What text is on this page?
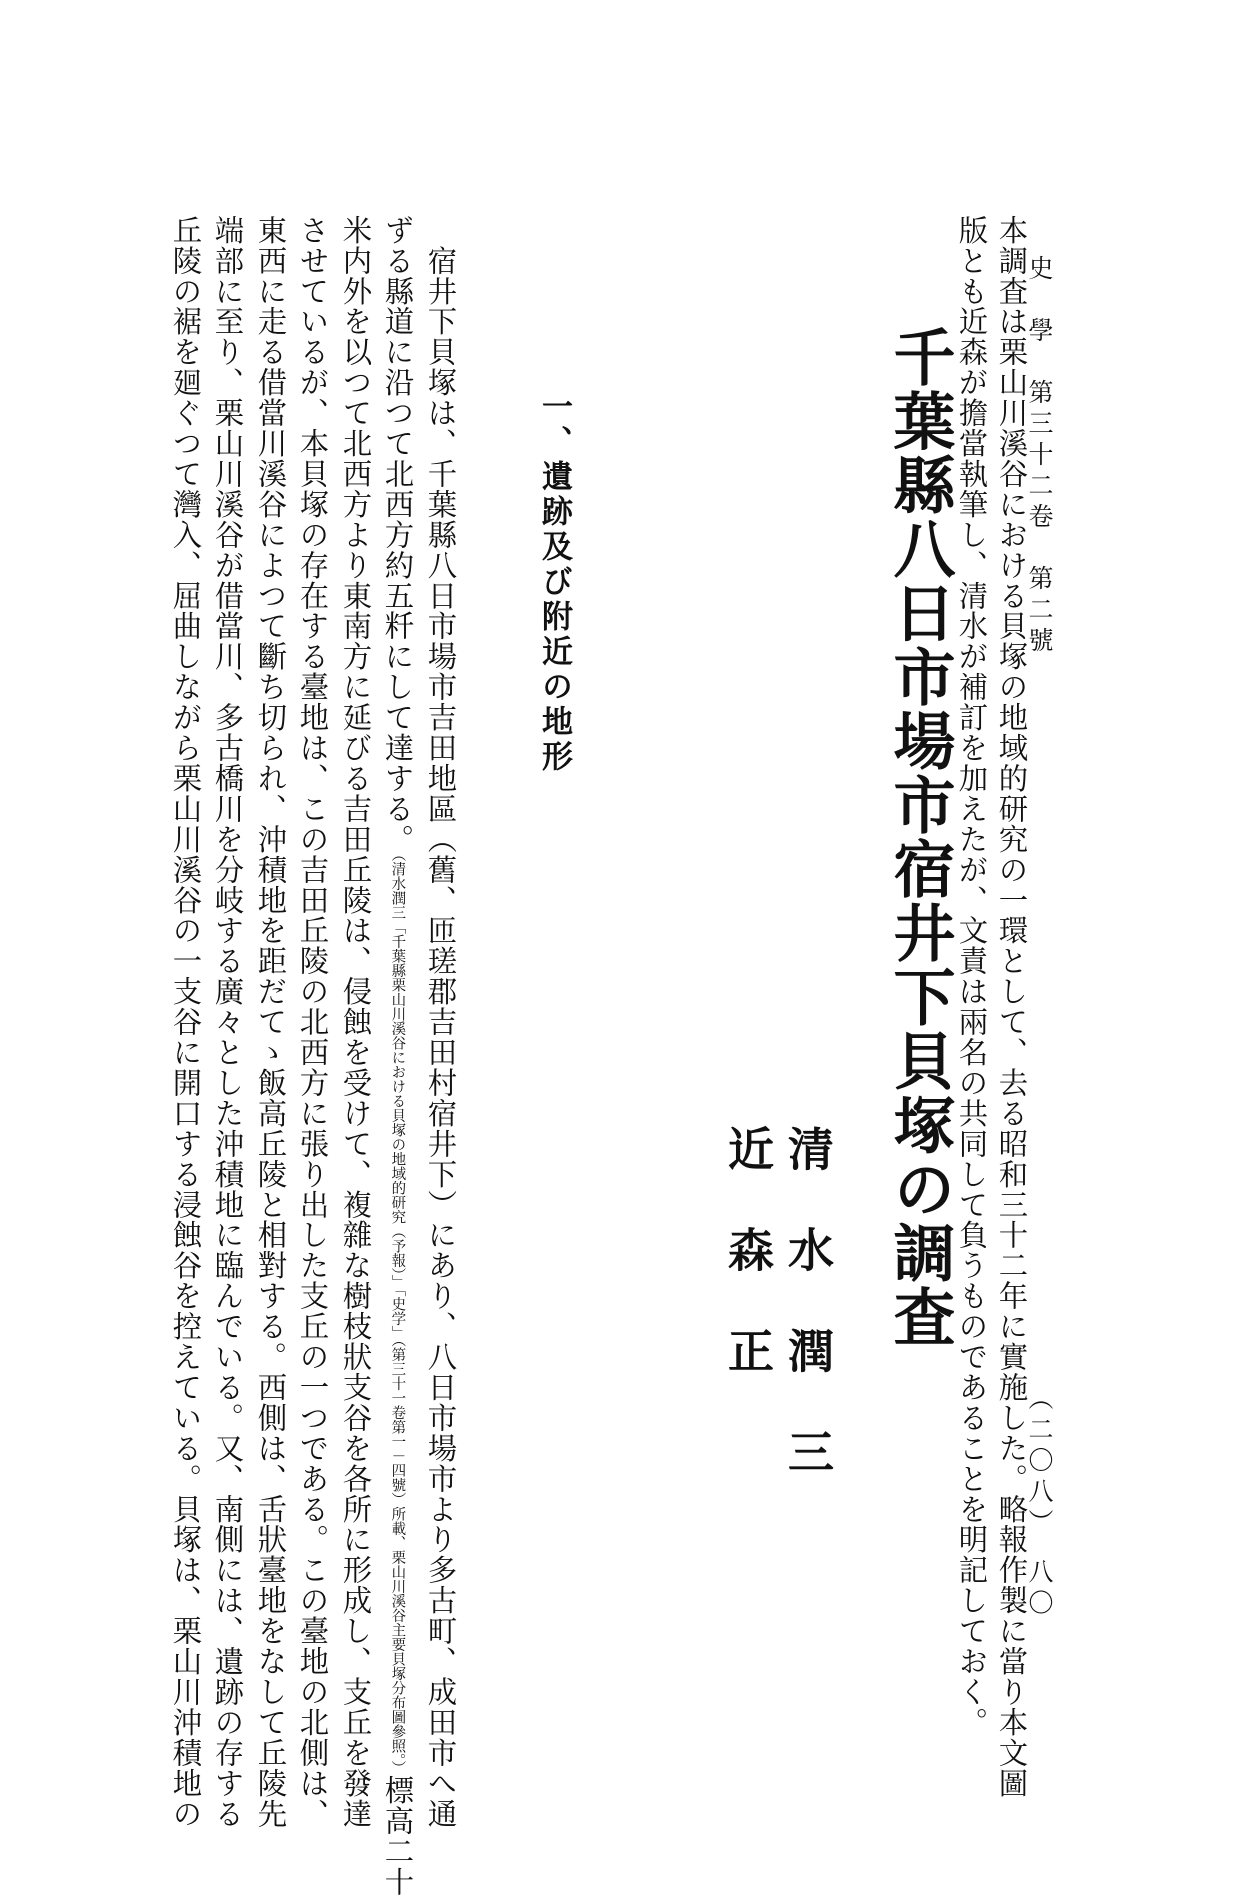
史　學　第三十二卷　第二號
（二〇八）　八〇
千葉縣八日市場市宿井下貝塚の調査
清水潤三
近森正	本調査は栗山川溪谷における貝塚の地域的研究の一環として、去る昭和三十二年に實施した。略報作製に當り本文圖
版とも近森が擔當執筆し、清水が補訂を加えたが、文責は兩名の共同して負うものであることを明記しておく。
一、遺跡及び附近の地形
　宿井下貝塚は、千葉縣八日市場市吉田地區（舊、匝瑳郡吉田村宿井下）にあり、八日市場市より多古町、成田市へ通
ずる縣道に沿つて北西方約五粁にして達する。（清水潤三「千葉縣栗山川溪谷における貝塚の地域的研究（予報）」「史学」（第三十一卷第一－四號）所載、栗山川溪谷主要貝塚分布圖參照。）標高二十
米内外を以つて北西方より東南方に延びる吉田丘陵は、侵蝕を受けて、複雜な樹枝狀支谷を各所に形成し、支丘を發達
させているが、本貝塚の存在する臺地は、この吉田丘陵の北西方に張り出した支丘の一つである。この臺地の北側は、
東西に走る借當川溪谷によつて斷ち切られ、沖積地を距だてゝ飯高丘陵と相對する。西側は、舌狀臺地をなして丘陵先
端部に至り、栗山川溪谷が借當川、多古橋川を分岐する廣々とした沖積地に臨んでいる。又、南側には、遺跡の存する
丘陵の裾を廻ぐつて灣入、屈曲しながら栗山川溪谷の一支谷に開口する浸蝕谷を控えている。貝塚は、栗山川沖積地の
